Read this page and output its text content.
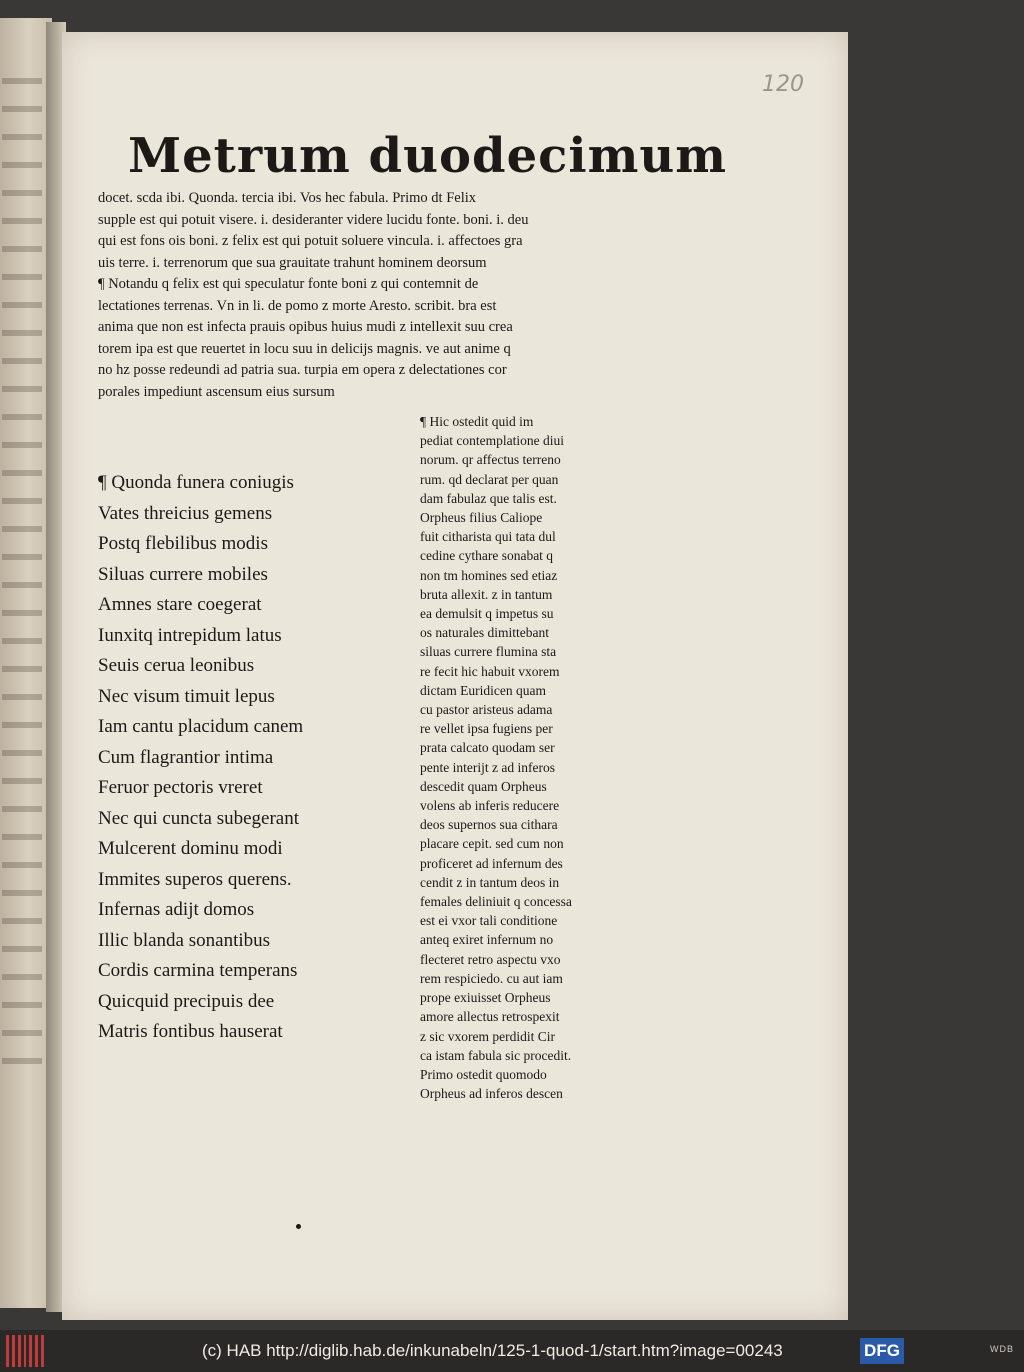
120
Metrum duodecimum

docet. scda ibi. Quonda. tercia ibi. Vos hec fabula. Primo dt Felix

supple est qui potuit visere. i. desideranter videre lucidu fonte. boni. i. deu

qui est fons ois boni. z felix est qui potuit soluere vincula. i. affectoes gra

uis terre. i. terrenorum que sua grauitate trahunt hominem deorsum

¶ Notandu q felix est qui speculatur fonte boni z qui contemnit de

lectationes terrenas. Vn in li. de pomo z morte Aresto. scribit. bra est

anima que non est infecta prauis opibus huius mudi z intellexit suu crea

torem ipa est que reuertet in locu suu in delicijs magnis. ve aut anime q

no hz posse redeundi ad patria sua. turpia em opera z delectationes cor

porales impediunt ascensum eius sursum

¶ Quonda funera coniugis
Vates threicius gemens
Postq flebilibus modis
Siluas currere mobiles
Amnes stare coegerat
Iunxitq intrepidum latus
Seuis cerua leonibus
Nec visum timuit lepus
Iam cantu placidum canem
Cum flagrantior intima
Feruor pectoris vreret
Nec qui cuncta subegerant
Mulcerent dominu modi
Immites superos querens.
Infernas adijt domos
Illic blanda sonantibus
Cordis carmina temperans
Quicquid precipuis dee
Matris fontibus hauserat
¶ Hic ostedit quid im
pediat contemplatione diui
norum. qr affectus terreno
rum. qd declarat per quan
dam fabulaz que talis est.
Orpheus filius Caliope
fuit citharista qui tata dul
cedine cythare sonabat q
non tm homines sed etiaz
bruta allexit. z in tantum
ea demulsit q impetus su
os naturales dimittebant
siluas currere flumina sta
re fecit hic habuit vxorem
dictam Euridicen quam
cu pastor aristeus adama
re vellet ipsa fugiens per
prata calcato quodam ser
pente interijt z ad inferos
descedit quam Orpheus
volens ab inferis reducere
deos supernos sua cithara
placare cepit. sed cum non
proficeret ad infernum des
cendit z in tantum deos in
females deliniuit q concessa
est ei vxor tali conditione
anteq exiret infernum no
flecteret retro aspectu vxo
rem respiciedo. cu aut iam
prope exiuisset Orpheus
amore allectus retrospexit
z sic vxorem perdidit Cir
ca istam fabula sic procedit.
Primo ostedit quomodo
Orpheus ad inferos descen
(c) HAB http://diglib.hab.de/inkunabeln/125-1-quod-1/start.htm?image=00243	DFG	WDB
